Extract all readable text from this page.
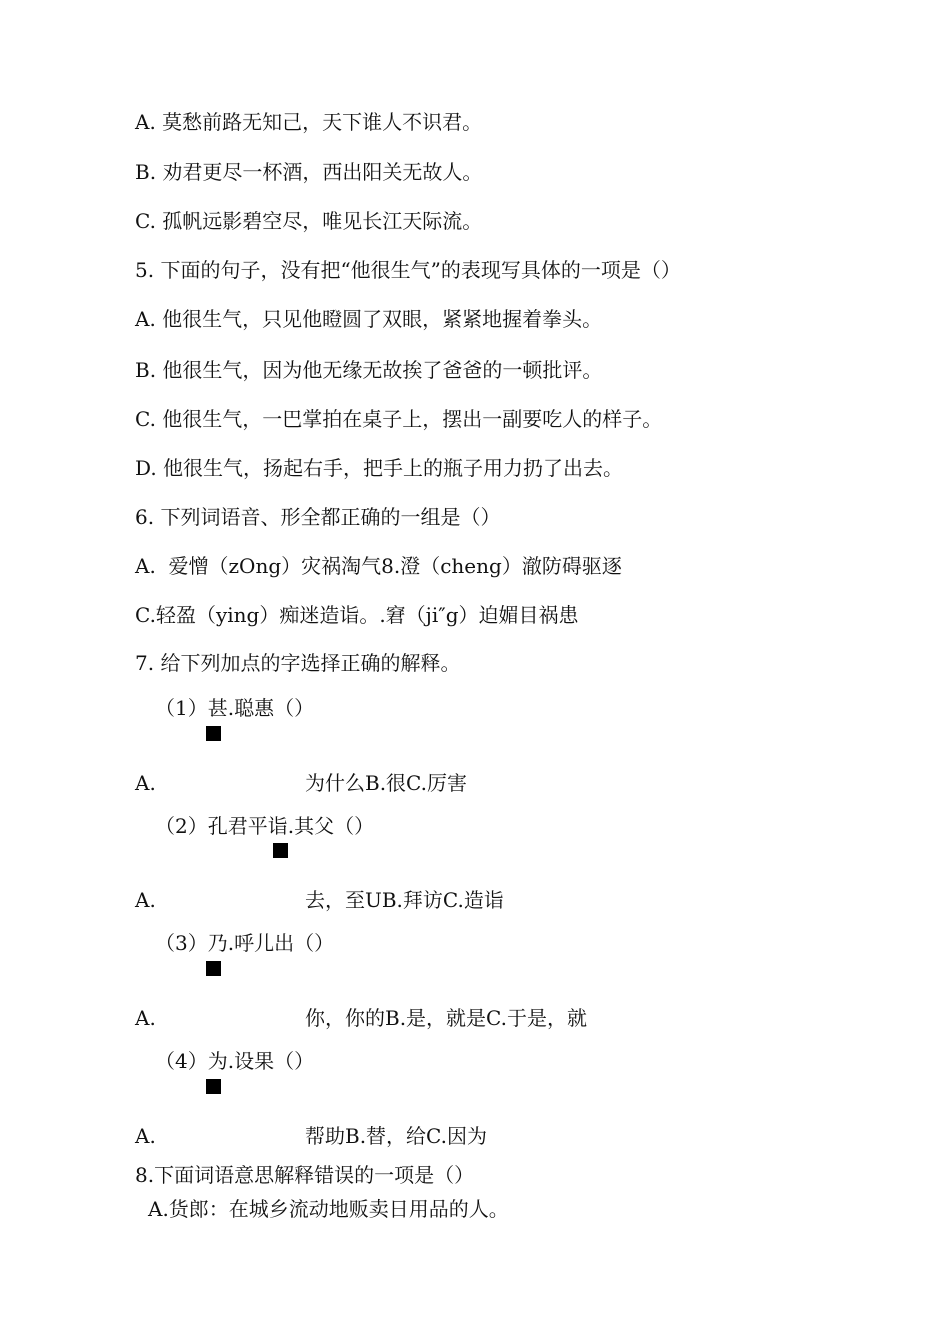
A. 莫愁前路无知己，天下谁人不识君。
B. 劝君更尽一杯酒，西出阳关无故人。
C. 孤帆远影碧空尽，唯见长江天际流。
5. 下面的句子，没有把“他很生气”的表现写具体的一项是（）
A. 他很生气，只见他瞪圆了双眼，紧紧地握着拳头。
B. 他很生气，因为他无缘无故挨了爸爸的一顿批评。
C. 他很生气，一巴掌拍在桌子上，摆出一副要吃人的样子。
D. 他很生气，扬起右手，把手上的瓶子用力扔了出去。
6. 下列词语音、形全都正确的一组是（）
A.  爱憎（zOng）灾祸淘气8.澄（cheng）澈防碍驱逐
C.轻盈（ying）痴迷造诣。.窘（ji″g）迫媚目祸患
7. 给下列加点的字选择正确的解释。
（1）甚.聪惠（）
A.	为什么B.很C.厉害
（2）孔君平诣.其父（）
A.	去，至UB.拜访C.造诣
（3）乃.呼儿出（）
A.	你，你的B.是，就是C.于是，就
（4）为.设果（）
A.	帮助B.替，给C.因为
8.下面词语意思解释错误的一项是（）
A.货郎：在城乡流动地贩卖日用品的人。
